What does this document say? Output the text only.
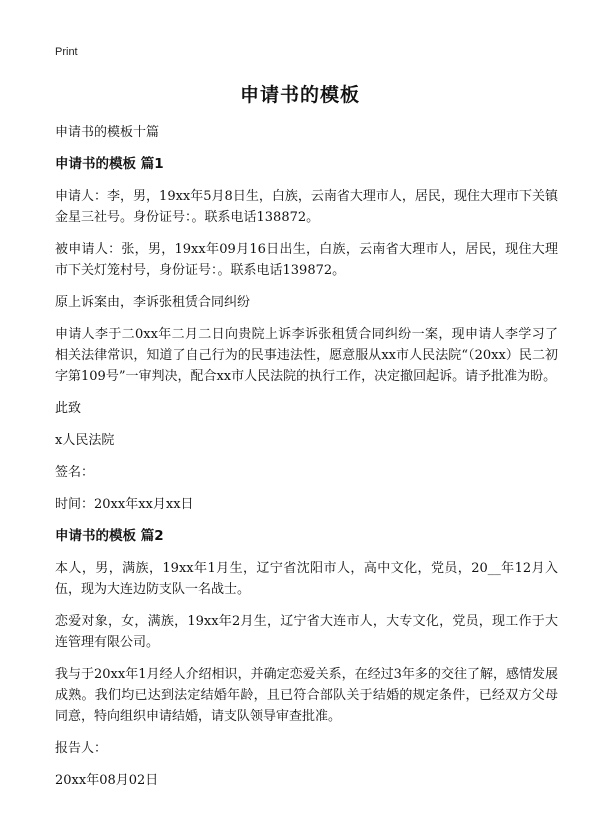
Print
申请书的模板

申请书的模板十篇

申请书的模板 篇1

申请人：李，男，19xx年5月8日生，白族，云南省大理市人，居民，现住大理市下关镇金星三社号。身份证号：。联系电话138872。

被申请人：张，男，19xx年09月16日出生，白族，云南省大理市人，居民，现住大理市下关灯笼村号，身份证号：。联系电话139872。

原上诉案由，李诉张租赁合同纠纷

申请人李于二0xx年二月二日向贵院上诉李诉张租赁合同纠纷一案，现申请人李学习了相关法律常识，知道了自己行为的民事违法性，愿意服从xx市人民法院“（20xx）民二初字第109号”一审判决，配合xx市人民法院的执行工作，决定撤回起诉。请予批准为盼。

此致

x人民法院

签名：

时间：20xx年xx月xx日

申请书的模板 篇2

本人，男，满族，19xx年1月生，辽宁省沈阳市人，高中文化，党员，20__年12月入伍，现为大连边防支队一名战士。

恋爱对象，女，满族，19xx年2月生，辽宁省大连市人，大专文化，党员，现工作于大连管理有限公司。

我与于20xx年1月经人介绍相识，并确定恋爱关系，在经过3年多的交往了解，感情发展成熟。我们均已达到法定结婚年龄，且已符合部队关于结婚的规定条件，已经双方父母同意，特向组织申请结婚，请支队领导审查批准。

报告人：

20xx年08月02日
